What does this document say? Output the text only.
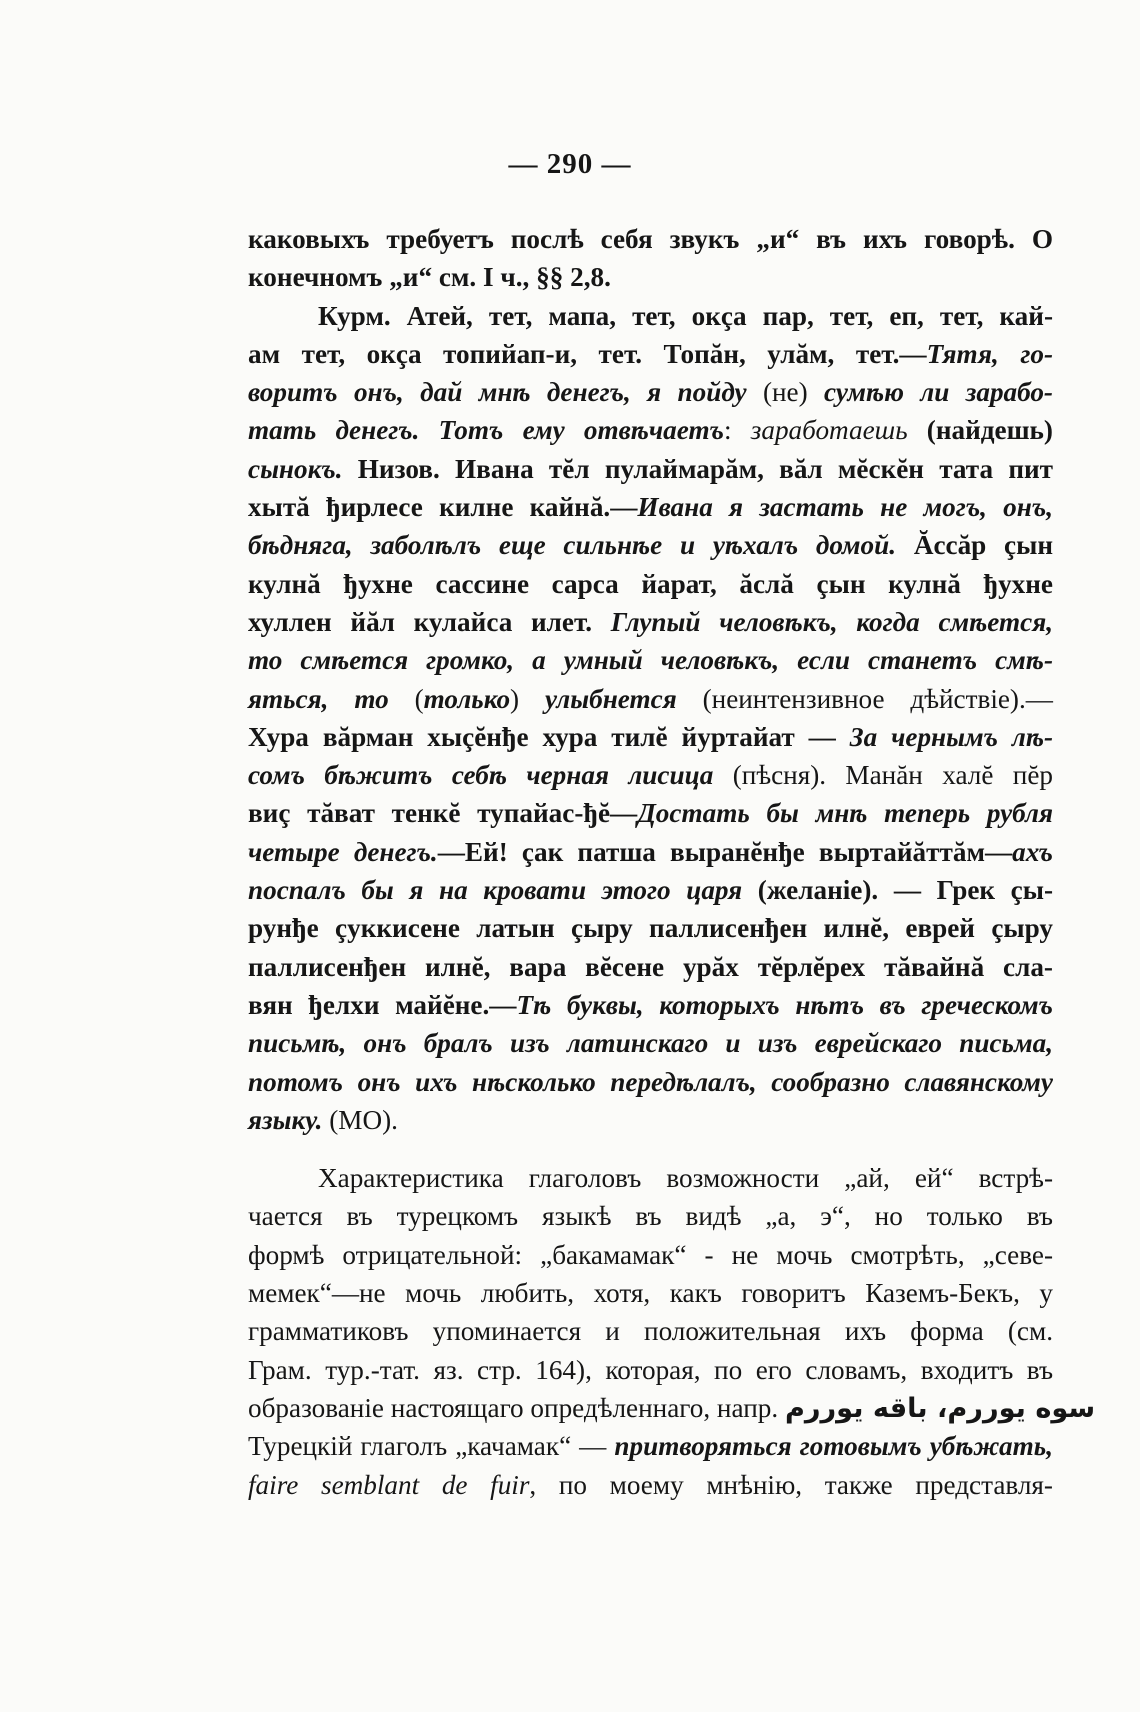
— 290 —
каковыхъ требуетъ послѣ себя звукъ „и“ въ ихъ говорѣ. О
конечномъ „и“ см. I ч., §§ 2,8.
Курм. Атей, тет, мапа, тет, окçа пар, тет, еп, тет, кай-
ам тет, окçа топийап-и, тет. Топăн, улăм, тет.—Тятя, го-
воритъ онъ, дай мнѣ денегъ, я пойду (не) сумѣю ли зарабо-
тать денегъ. Тотъ ему отвѣчаетъ: заработаешь (найдешь)
сынокъ. Низов. Ивана тĕл пулаймарăм, вăл мĕскĕн тата пит
хытă ђирлесе килне кайнă.—Ивана я застать не могъ, онъ,
бѣдняга, заболѣлъ еще сильнѣе и уѣхалъ домой. Ăссăр çын
кулнă ђухне сассине сарса йарат, ăслă çын кулнă ђухне
хуллен йăл кулайса илет. Глупый человѣкъ, когда смѣется,
то смѣется громко, а умный человѣкъ, если станетъ смѣ-
яться, то (только) улыбнется (неинтензивное дѣйствіе).—
Хура вăрман хыçĕнђе хура тилĕ йуртайат — За чернымъ лѣ-
сомъ бѣжитъ себѣ черная лисица (пѣсня). Манăн халĕ пĕр
виç тăват тенкĕ тупайас-ђĕ—Достать бы мнѣ теперь рубля
четыре денегъ.—Ей! çак патша выранĕнђе выртайăттăм—ахъ
поспалъ бы я на кровати этого царя (желаніе). — Грек çы-
рунђе çуккисене латын çыру паллисенђен илнĕ, еврей çыру
паллисенђен илнĕ, вара вĕсене урăх тĕрлĕрех тăвайнă сла-
вян ђелхи майĕне.—Тѣ буквы, которыхъ нѣтъ въ греческомъ
письмѣ, онъ бралъ изъ латинскаго и изъ еврейскаго письма,
потомъ онъ ихъ нѣсколько передѣлалъ, сообразно славянскому
языку. (МО).
Характеристика глаголовъ возможности „ай, ей“ встрѣ-
чается въ турецкомъ языкѣ въ видѣ „а, э“, но только въ
формѣ отрицательной: „бакамамак“ - не мочь смотрѣть, „севе-
мемек“—не мочь любить, хотя, какъ говоритъ Каземъ-Бекъ, у
грамматиковъ упоминается и положительная ихъ форма (см.
Грам. тур.-тат. яз. стр. 164), которая, по его словамъ, входитъ въ
образованіе настоящаго опредѣленнаго, напр. سوه يوررم، باقه يوررم
Турецкій глаголъ „качамак“ — притворяться готовымъ убѣжать,
faire semblant de fuir, по моему мнѣнію, также представля-
